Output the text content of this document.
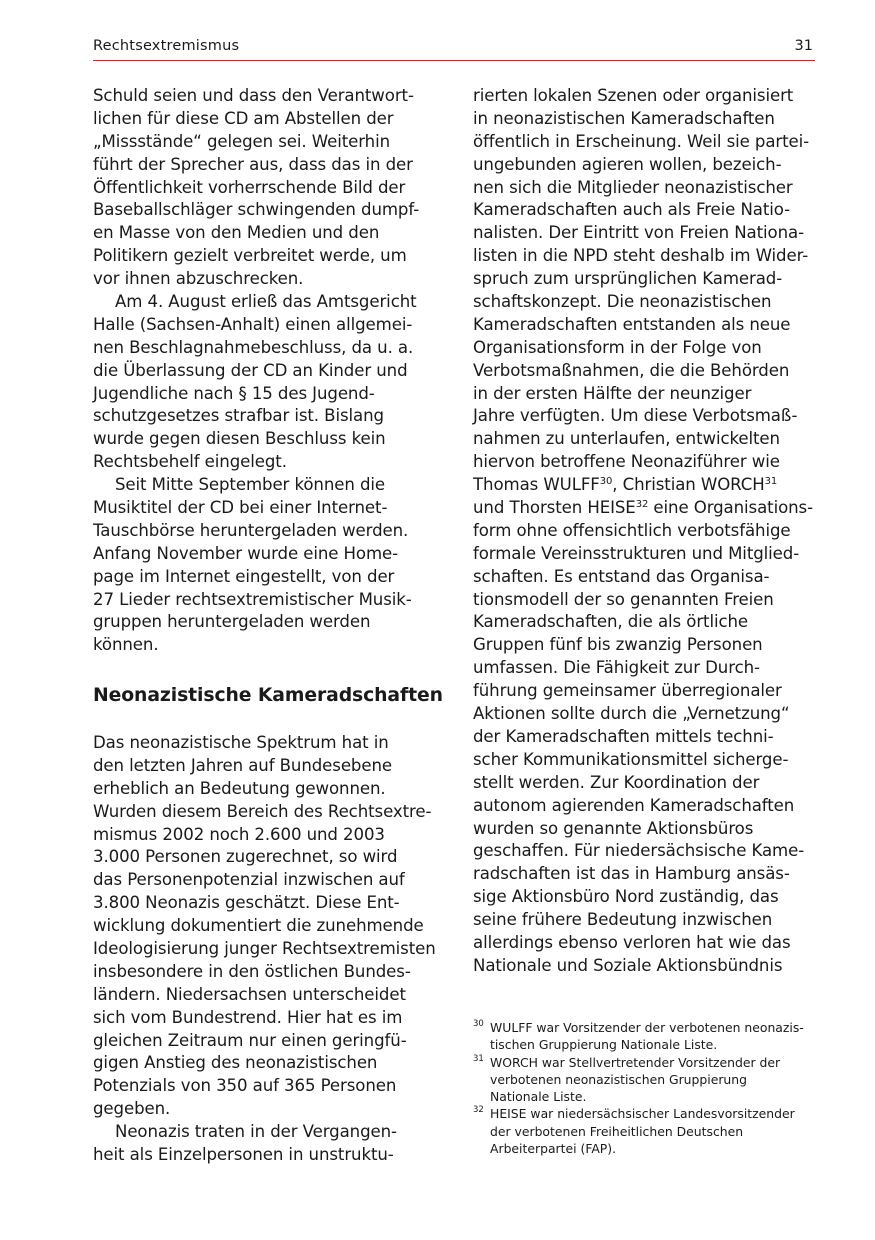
Rechtsextremismus	31
Schuld seien und dass den Verantwort-
lichen für diese CD am Abstellen der
„Missstände“ gelegen sei. Weiterhin
führt der Sprecher aus, dass das in der
Öffentlichkeit vorherrschende Bild der
Baseballschläger schwingenden dumpf-
en Masse von den Medien und den
Politikern gezielt verbreitet werde, um
vor ihnen abzuschrecken.
Am 4. August erließ das Amtsgericht
Halle (Sachsen-Anhalt) einen allgemei-
nen Beschlagnahmebeschluss, da u. a.
die Überlassung der CD an Kinder und
Jugendliche nach § 15 des Jugend-
schutzgesetzes strafbar ist. Bislang
wurde gegen diesen Beschluss kein
Rechtsbehelf eingelegt.
Seit Mitte September können die
Musiktitel der CD bei einer Internet-
Tauschbörse heruntergeladen werden.
Anfang November wurde eine Home-
page im Internet eingestellt, von der
27 Lieder rechtsextremistischer Musik-
gruppen heruntergeladen werden
können.
Neonazistische Kameradschaften
Das neonazistische Spektrum hat in
den letzten Jahren auf Bundesebene
erheblich an Bedeutung gewonnen.
Wurden diesem Bereich des Rechtsextre-
mismus 2002 noch 2.600 und 2003
3.000 Personen zugerechnet, so wird
das Personenpotenzial inzwischen auf
3.800 Neonazis geschätzt. Diese Ent-
wicklung dokumentiert die zunehmende
Ideologisierung junger Rechtsextremisten
insbesondere in den östlichen Bundes-
ländern. Niedersachsen unterscheidet
sich vom Bundestrend. Hier hat es im
gleichen Zeitraum nur einen geringfü-
gigen Anstieg des neonazistischen
Potenzials von 350 auf 365 Personen
gegeben.
Neonazis traten in der Vergangen-
heit als Einzelpersonen in unstruktu-
rierten lokalen Szenen oder organisiert
in neonazistischen Kameradschaften
öffentlich in Erscheinung. Weil sie partei-
ungebunden agieren wollen, bezeich-
nen sich die Mitglieder neonazistischer
Kameradschaften auch als Freie Natio-
nalisten. Der Eintritt von Freien Nationa-
listen in die NPD steht deshalb im Wider-
spruch zum ursprünglichen Kamerad-
schaftskonzept. Die neonazistischen
Kameradschaften entstanden als neue
Organisationsform in der Folge von
Verbotsmaßnahmen, die die Behörden
in der ersten Hälfte der neunziger
Jahre verfügten. Um diese Verbotsmaß-
nahmen zu unterlaufen, entwickelten
hiervon betroffene Neonaziführer wie
Thomas WULFF$^{30}$, Christian WORCH$^{31}$
und Thorsten HEISE$^{32}$ eine Organisations-
form ohne offensichtlich verbotsfähige
formale Vereinsstrukturen und Mitglied-
schaften. Es entstand das Organisa-
tionsmodell der so genannten Freien
Kameradschaften, die als örtliche
Gruppen fünf bis zwanzig Personen
umfassen. Die Fähigkeit zur Durch-
führung gemeinsamer überregionaler
Aktionen sollte durch die „Vernetzung“
der Kameradschaften mittels techni-
scher Kommunikationsmittel sicherge-
stellt werden. Zur Koordination der
autonom agierenden Kameradschaften
wurden so genannte Aktionsbüros
geschaffen. Für niedersächsische Kame-
radschaften ist das in Hamburg ansäs-
sige Aktionsbüro Nord zuständig, das
seine frühere Bedeutung inzwischen
allerdings ebenso verloren hat wie das
Nationale und Soziale Aktionsbündnis
30 WULFF war Vorsitzender der verbotenen neonazis-
tischen Gruppierung Nationale Liste.
31 WORCH war Stellvertretender Vorsitzender der
verbotenen neonazistischen Gruppierung
Nationale Liste.
32 HEISE war niedersächsischer Landesvorsitzender
der verbotenen Freiheitlichen Deutschen
Arbeiterpartei (FAP).
